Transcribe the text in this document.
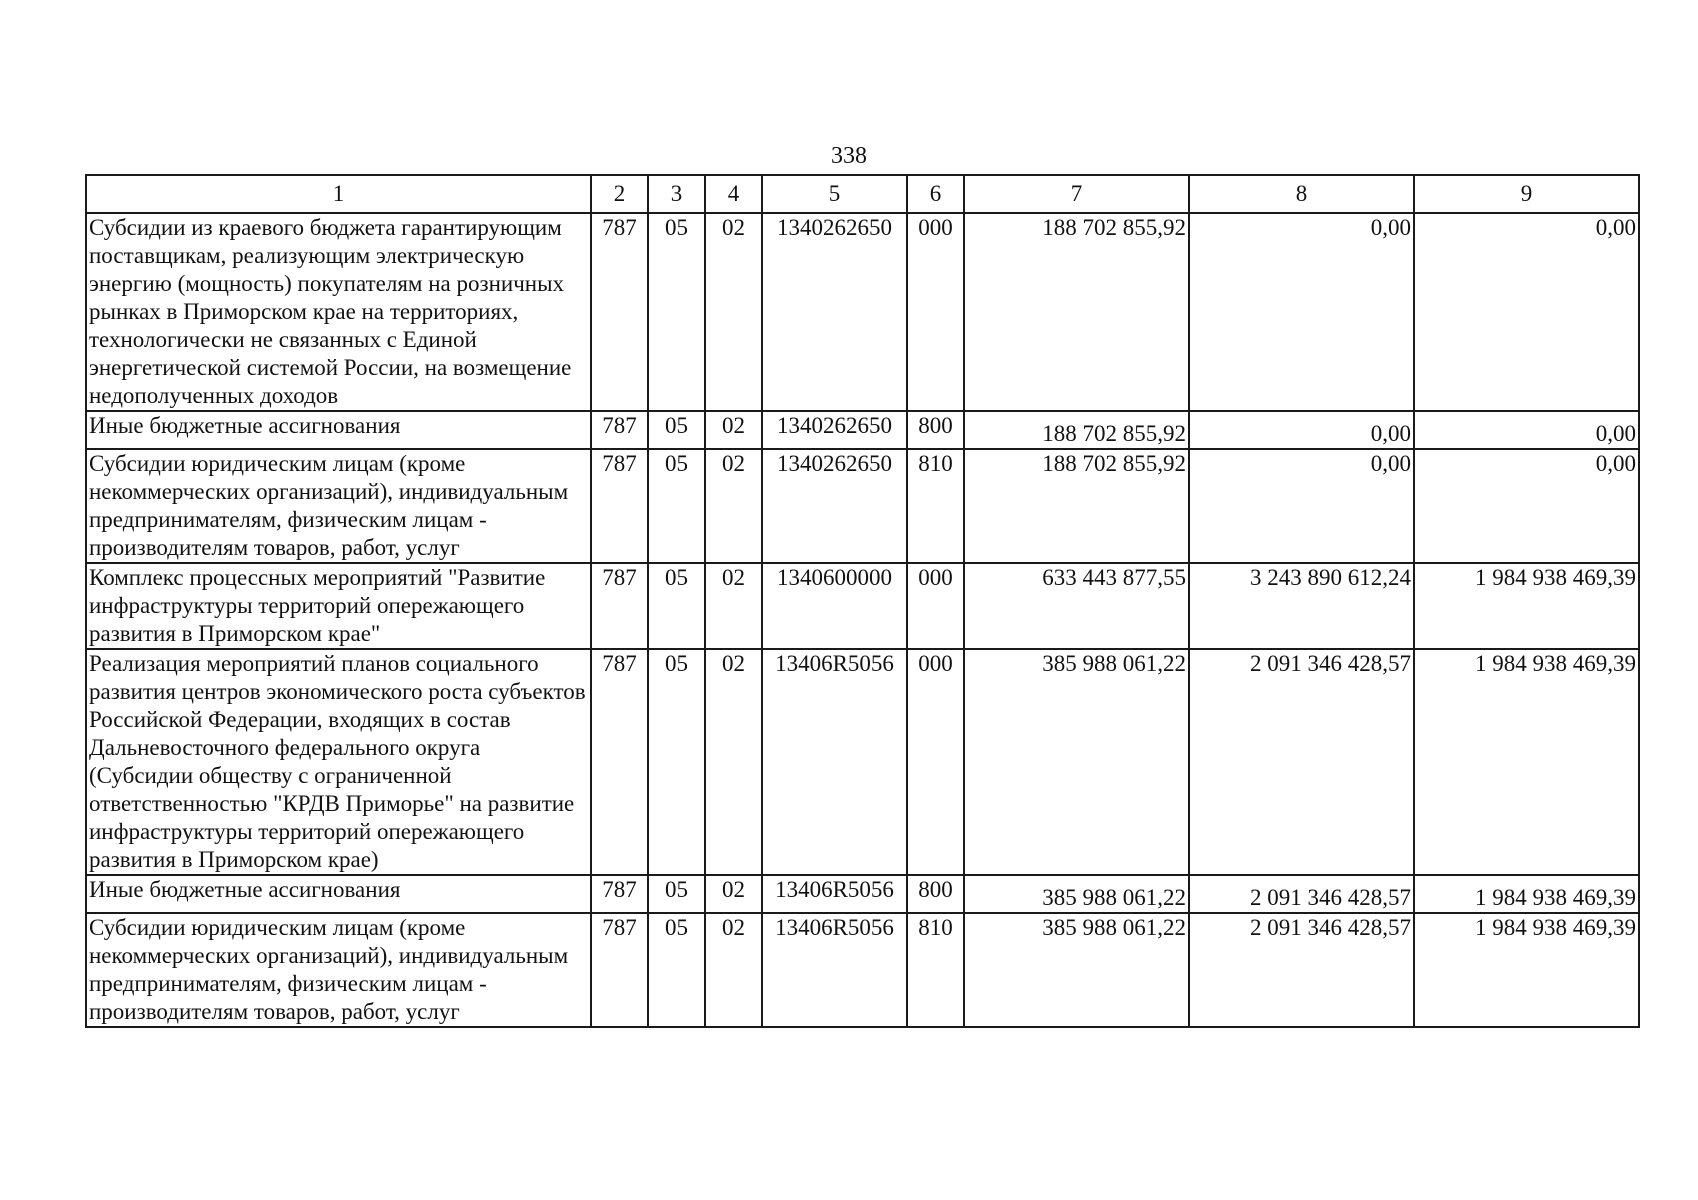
338
1	2	3	4	5	6	7	8	9
Субсидии из краевого бюджета гарантирующим поставщикам, реализующим электрическую энергию (мощность) покупателям на розничных рынках в Приморском крае на территориях, технологически не связанных с Единой энергетической системой России, на возмещение недополученных доходов	787	05	02	1340262650	000	188 702 855,92	0,00	0,00
Иные бюджетные ассигнования	787	05	02	1340262650	800	188 702 855,92	0,00	0,00
Субсидии юридическим лицам (кроме некоммерческих организаций), индивидуальным предпринимателям, физическим лицам - производителям товаров, работ, услуг	787	05	02	1340262650	810	188 702 855,92	0,00	0,00
Комплекс процессных мероприятий "Развитие инфраструктуры территорий опережающего развития в Приморском крае"	787	05	02	1340600000	000	633 443 877,55	3 243 890 612,24	1 984 938 469,39
Реализация мероприятий планов социального развития центров экономического роста субъектов Российской Федерации, входящих в состав Дальневосточного федерального округа (Субсидии обществу с ограниченной ответственностью "КРДВ Приморье" на развитие инфраструктуры территорий опережающего развития в Приморском крае)	787	05	02	13406R5056	000	385 988 061,22	2 091 346 428,57	1 984 938 469,39
Иные бюджетные ассигнования	787	05	02	13406R5056	800	385 988 061,22	2 091 346 428,57	1 984 938 469,39
Субсидии юридическим лицам (кроме некоммерческих организаций), индивидуальным предпринимателям, физическим лицам - производителям товаров, работ, услуг	787	05	02	13406R5056	810	385 988 061,22	2 091 346 428,57	1 984 938 469,39
